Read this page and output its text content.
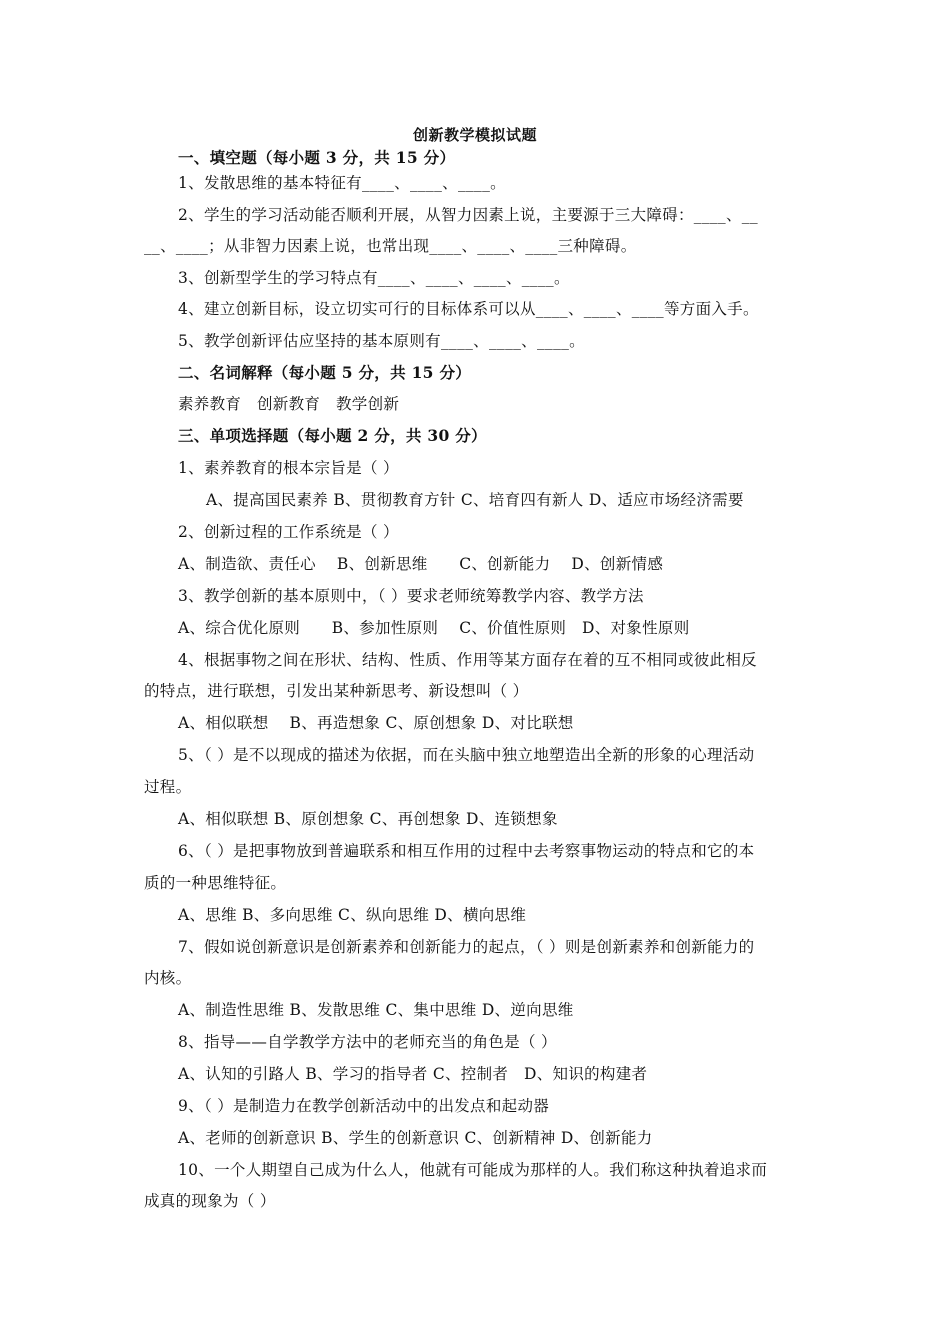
创新教学模拟试题
一、填空题（每小题 3 分，共 15 分）
1、发散思维的基本特征有____、____、____。
2、学生的学习活动能否顺利开展，从智力因素上说，主要源于三大障碍：____、__
__、____；从非智力因素上说，也常出现____、____、____三种障碍。
3、创新型学生的学习特点有____、____、____、____。
4、建立创新目标，设立切实可行的目标体系可以从____、____、____等方面入手。
5、教学创新评估应坚持的基本原则有____、____、____。
二、名词解释（每小题 5 分，共 15 分）
素养教育　创新教育　教学创新
三、单项选择题（每小题 2 分，共 30 分）
1、素养教育的根本宗旨是（ ）
A、提高国民素养 B、贯彻教育方针 C、培育四有新人 D、适应市场经济需要
2、创新过程的工作系统是（ ）
A、制造欲、责任心　 B、创新思维　　C、创新能力　 D、创新情感
3、教学创新的基本原则中，（ ）要求老师统筹教学内容、教学方法
A、综合优化原则　　B、参加性原则　 C、价值性原则　D、对象性原则
4、根据事物之间在形状、结构、性质、作用等某方面存在着的互不相同或彼此相反
的特点，进行联想，引发出某种新思考、新设想叫（ ）
A、相似联想　 B、再造想象 C、原创想象 D、对比联想
5、（ ）是不以现成的描述为依据，而在头脑中独立地塑造出全新的形象的心理活动
过程。
A、相似联想 B、原创想象 C、再创想象 D、连锁想象
6、（ ）是把事物放到普遍联系和相互作用的过程中去考察事物运动的特点和它的本
质的一种思维特征。
A、思维 B、多向思维 C、纵向思维 D、横向思维
7、假如说创新意识是创新素养和创新能力的起点，（ ）则是创新素养和创新能力的
内核。
A、制造性思维 B、发散思维 C、集中思维 D、逆向思维
8、指导——自学教学方法中的老师充当的角色是（ ）
A、认知的引路人 B、学习的指导者 C、控制者　D、知识的构建者
9、（ ）是制造力在教学创新活动中的出发点和起动器
A、老师的创新意识 B、学生的创新意识 C、创新精神 D、创新能力
10、一个人期望自己成为什么人，他就有可能成为那样的人。我们称这种执着追求而
成真的现象为（ ）
